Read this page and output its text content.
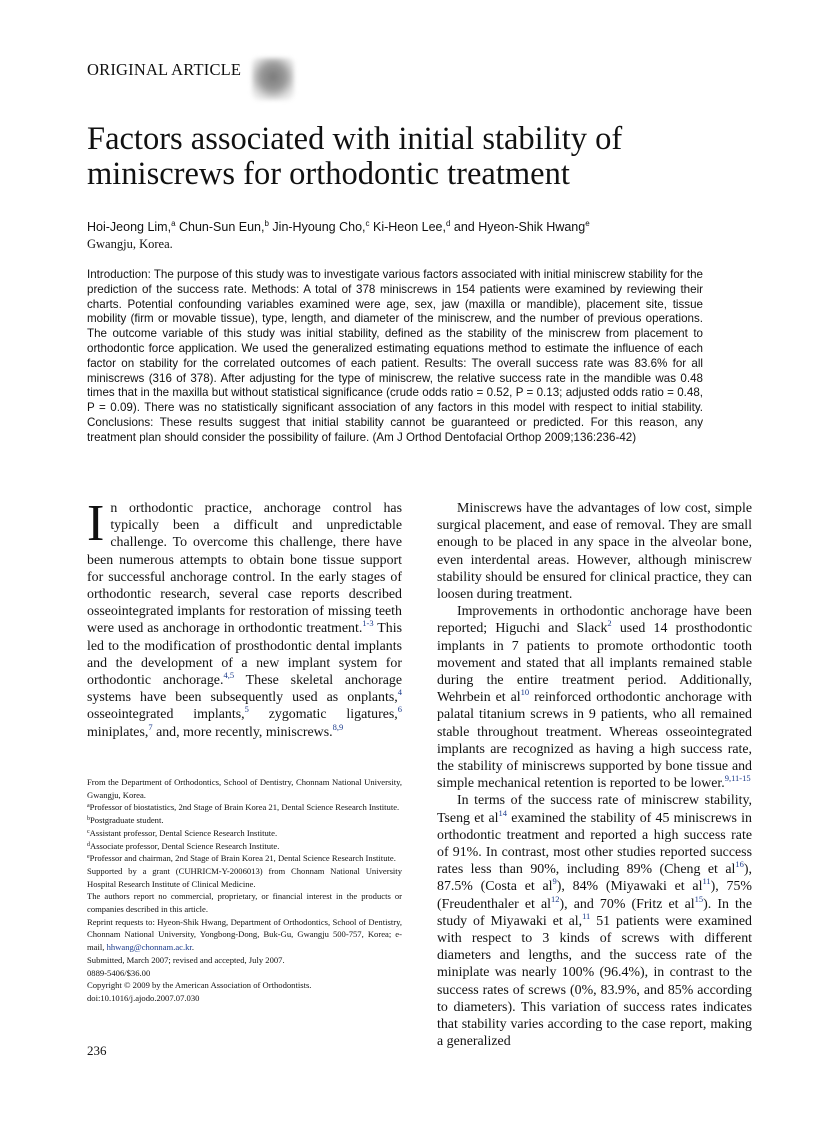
ORIGINAL ARTICLE
Factors associated with initial stability of miniscrews for orthodontic treatment
Hoi-Jeong Lim,$^a$ Chun-Sun Eun,$^b$ Jin-Hyoung Cho,$^c$ Ki-Heon Lee,$^d$ and Hyeon-Shik Hwang$^e$
Gwangju, Korea.
Introduction: The purpose of this study was to investigate various factors associated with initial miniscrew stability for the prediction of the success rate. Methods: A total of 378 miniscrews in 154 patients were examined by reviewing their charts. Potential confounding variables examined were age, sex, jaw (maxilla or mandible), placement site, tissue mobility (firm or movable tissue), type, length, and diameter of the miniscrew, and the number of previous operations. The outcome variable of this study was initial stability, defined as the stability of the miniscrew from placement to orthodontic force application. We used the generalized estimating equations method to estimate the influence of each factor on stability for the correlated outcomes of each patient. Results: The overall success rate was 83.6% for all miniscrews (316 of 378). After adjusting for the type of miniscrew, the relative success rate in the mandible was 0.48 times that in the maxilla but without statistical significance (crude odds ratio = 0.52, P = 0.13; adjusted odds ratio = 0.48, P = 0.09). There was no statistically significant association of any factors in this model with respect to initial stability. Conclusions: These results suggest that initial stability cannot be guaranteed or predicted. For this reason, any treatment plan should consider the possibility of failure. (Am J Orthod Dentofacial Orthop 2009;136:236-42)

In orthodontic practice, anchorage control has typically been a difficult and unpredictable challenge. To overcome this challenge, there have been numerous attempts to obtain bone tissue support for successful anchorage control. In the early stages of orthodontic research, several case reports described osseointegrated implants for restoration of missing teeth were used as anchorage in orthodontic treatment.$^{1-3}$ This led to the modification of prosthodontic dental implants and the development of a new implant system for orthodontic anchorage.$^{4,5}$ These skeletal anchorage systems have been subsequently used as onplants,$^4$ osseointegrated implants,$^5$ zygomatic ligatures,$^6$ miniplates,$^7$ and, more recently, miniscrews.$^{8,9}$

From the Department of Orthodontics, School of Dentistry, Chonnam National University, Gwangju, Korea.

$^a$Professor of biostatistics, 2nd Stage of Brain Korea 21, Dental Science Research Institute.

$^b$Postgraduate student.

$^c$Assistant professor, Dental Science Research Institute.

$^d$Associate professor, Dental Science Research Institute.

$^e$Professor and chairman, 2nd Stage of Brain Korea 21, Dental Science Research Institute.

Supported by a grant (CUHRICM-Y-2006013) from Chonnam National University Hospital Research Institute of Clinical Medicine.

The authors report no commercial, proprietary, or financial interest in the products or companies described in this article.

Reprint requests to: Hyeon-Shik Hwang, Department of Orthodontics, School of Dentistry, Chonnam National University, Yongbong-Dong, Buk-Gu, Gwangju 500-757, Korea; e-mail, hhwang@chonnam.ac.kr.

Submitted, March 2007; revised and accepted, July 2007.

0889-5406/$36.00

Copyright © 2009 by the American Association of Orthodontists.

doi:10.1016/j.ajodo.2007.07.030

236

Miniscrews have the advantages of low cost, simple surgical placement, and ease of removal. They are small enough to be placed in any space in the alveolar bone, even interdental areas. However, although miniscrew stability should be ensured for clinical practice, they can loosen during treatment.

Improvements in orthodontic anchorage have been reported; Higuchi and Slack$^2$ used 14 prosthodontic implants in 7 patients to promote orthodontic tooth movement and stated that all implants remained stable during the entire treatment period. Additionally, Wehrbein et $al^{10}$ reinforced orthodontic anchorage with palatal titanium screws in 9 patients, who all remained stable throughout treatment. Whereas osseointegrated implants are recognized as having a high success rate, the stability of miniscrews supported by bone tissue and simple mechanical retention is reported to be lower.$^{9,11-15}$

In terms of the success rate of miniscrew stability, Tseng et $al^{14}$ examined the stability of 45 miniscrews in orthodontic treatment and reported a high success rate of 91%. In contrast, most other studies reported success rates less than 90%, including 89% (Cheng et $al^{16}$), 87.5% (Costa et $al^9$), 84% (Miyawaki et $al^{11}$), 75% (Freudenthaler et $al^{12}$), and 70% (Fritz et $al^{15}$). In the study of Miyawaki et al,$^{11}$ 51 patients were examined with respect to 3 kinds of screws with different diameters and lengths, and the success rate of the miniplate was nearly 100% (96.4%), in contrast to the success rates of screws (0%, 83.9%, and 85% according to diameters). This variation of success rates indicates that stability varies according to the case report, making a generalized
